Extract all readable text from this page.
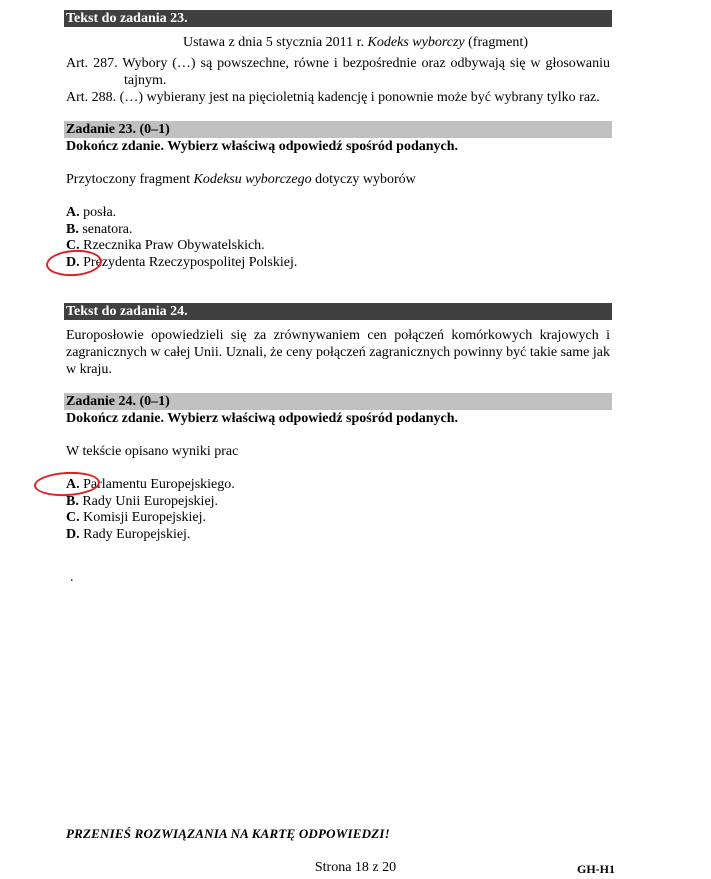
Tekst do zadania 23.
Ustawa z dnia 5 stycznia 2011 r. Kodeks wyborczy (fragment)
Art. 287. Wybory (…) są powszechne, równe i bezpośrednie oraz odbywają się w głosowaniu
tajnym.
Art. 288. (…) wybierany jest na pięcioletnią kadencję i ponownie może być wybrany tylko raz.
Zadanie 23. (0–1)
Dokończ zdanie. Wybierz właściwą odpowiedź spośród podanych.
Przytoczony fragment Kodeksu wyborczego dotyczy wyborów
A. posła.
B. senatora.
C. Rzecznika Praw Obywatelskich.
D. Prezydenta Rzeczypospolitej Polskiej.
Tekst do zadania 24.
Europosłowie opowiedzieli się za zrównywaniem cen połączeń komórkowych krajowych i zagranicznych w całej Unii. Uznali, że ceny połączeń zagranicznych powinny być takie same jak w kraju.
Zadanie 24. (0–1)
Dokończ zdanie. Wybierz właściwą odpowiedź spośród podanych.
W tekście opisano wyniki prac
A. Parlamentu Europejskiego.
B. Rady Unii Europejskiej.
C. Komisji Europejskiej.
D. Rady Europejskiej.
.
PRZENIEŚ ROZWIĄZANIA NA KARTĘ ODPOWIEDZI!
Strona 18 z 20	GH-H1
